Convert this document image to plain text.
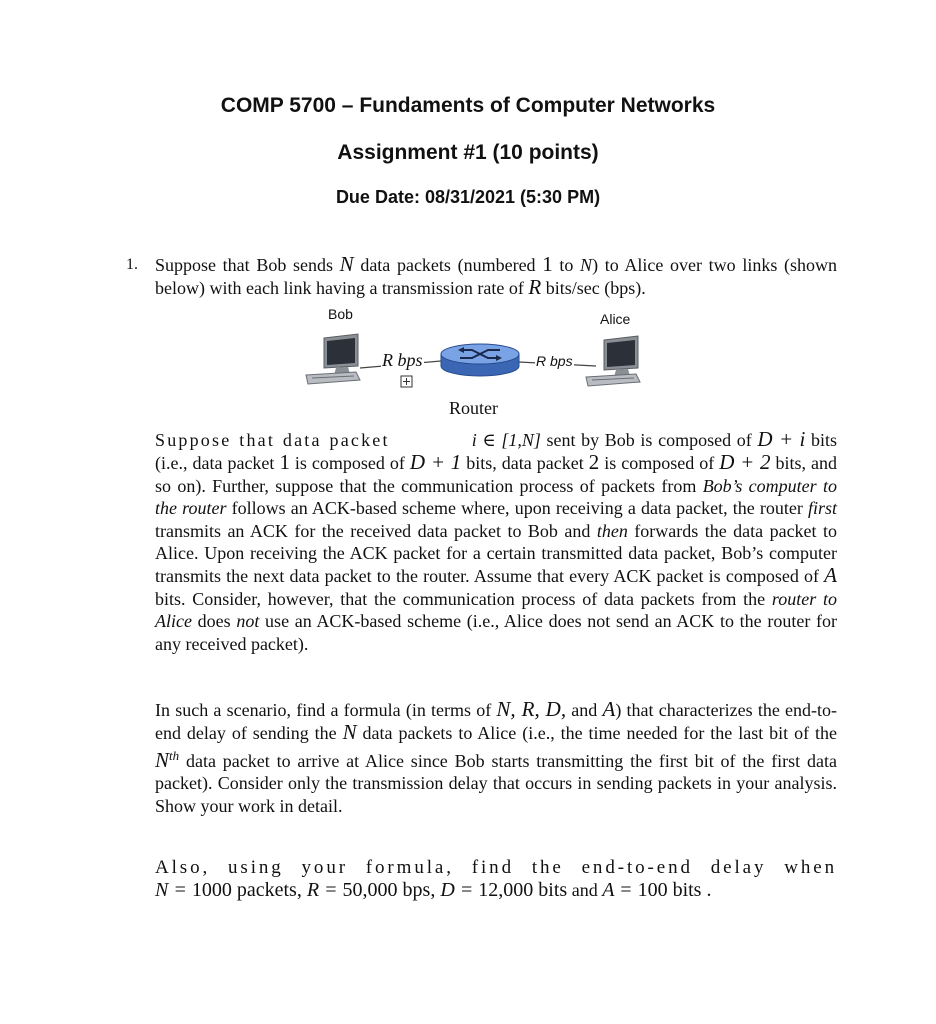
COMP 5700 – Fundaments of Computer Networks
Assignment #1 (10 points)
Due Date: 08/31/2021 (5:30 PM)
1. Suppose that Bob sends N data packets (numbered 1 to N) to Alice over two links (shown below) with each link having a transmission rate of R bits/sec (bps).
Bob	Alice
R bps	R bps
Router
Suppose that data packet	i ∈ [1,N] sent by Bob is composed of D + i bits (i.e., data packet 1 is composed of D + 1 bits, data packet 2 is composed of D + 2 bits, and so on). Further, suppose that the communication process of packets from Bob’s computer to the router follows an ACK-based scheme where, upon receiving a data packet, the router first transmits an ACK for the received data packet to Bob and then forwards the data packet to Alice. Upon receiving the ACK packet for a certain transmitted data packet, Bob’s computer transmits the next data packet to the router. Assume that every ACK packet is composed of A bits. Consider, however, that the communication process of data packets from the router to Alice does not use an ACK-based scheme (i.e., Alice does not send an ACK to the router for any received packet).
In such a scenario, find a formula (in terms of N, R, D, and A) that characterizes the end-to-end delay of sending the N data packets to Alice (i.e., the time needed for the last bit of the $N^{th}$ data packet to arrive at Alice since Bob starts transmitting the first bit of the first data packet). Consider only the transmission delay that occurs in sending packets in your analysis. Show your work in detail.
Also, using your formula, find the end-to-end delay when
N = 1000 packets, R = 50,000 bps, D = 12,000 bits and A = 100 bits .
